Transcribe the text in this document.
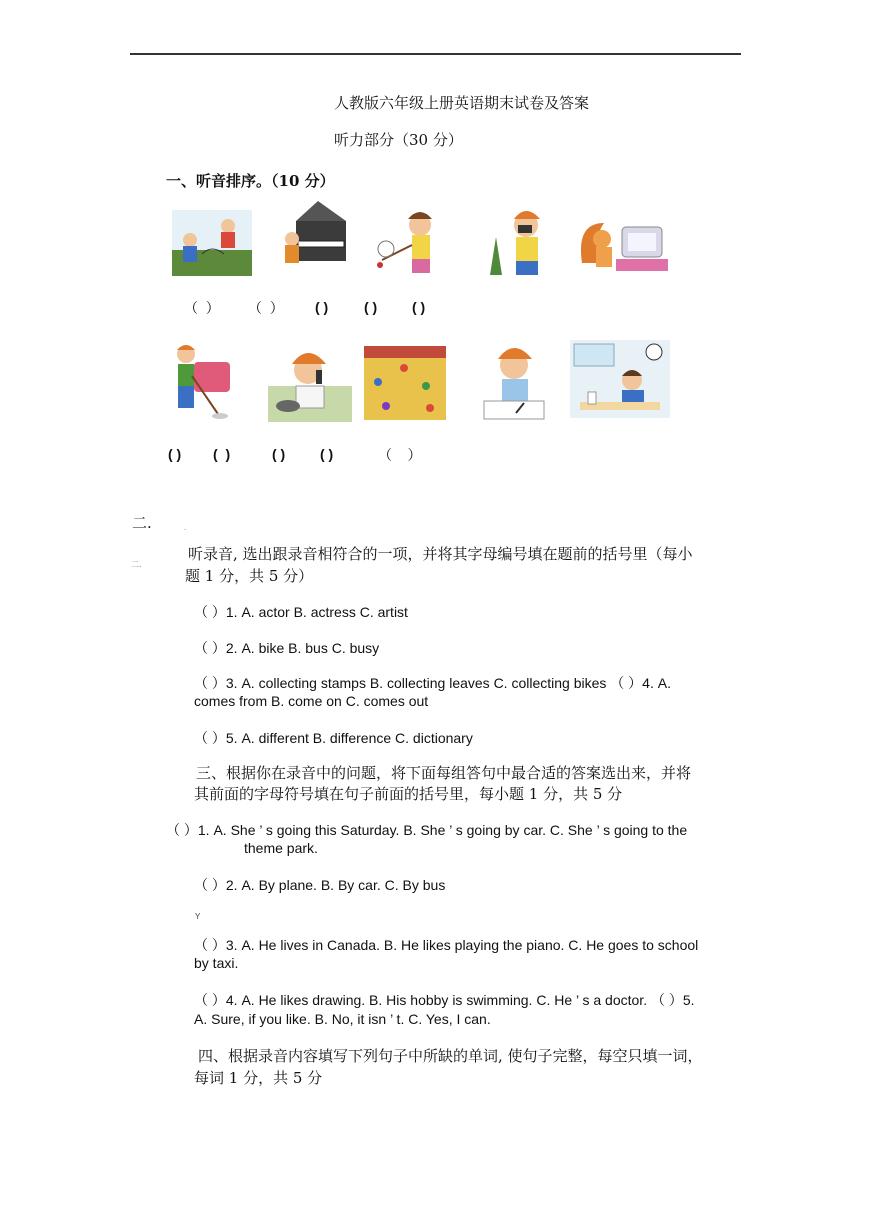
人教版六年级上册英语期末试卷及答案
听力部分（30 分）
一、听音排序。（10 分）
（  ） （  ） ( )	( ) ( )
( ) (  )	( ) ( )	（    ）
二.	·
二.
听录音, 选出跟录音相符合的一项，并将其字母编号填在题前的括号里（每小
题 1 分，共 5 分）
（ ）1. A. actor B. actress C. artist
（ ）2. A. bike B. bus C. busy
（ ）3. A. collecting stamps B. collecting leaves C. collecting bikes （ ）4. A.
comes from B. come on C. comes out
（ ）5. A. different B. difference C. dictionary
三、根据你在录音中的问题，将下面每组答句中最合适的答案选出来，并将
其前面的字母符号填在句子前面的括号里，每小题 1 分，共 5 分
（ ）1. A. She ’ s going this Saturday. B. She ’ s going by car. C. She ’ s going to the
theme park.
（ ）2. A. By plane. B. By car. C. By bus
Y
（ ）3. A. He lives in Canada. B. He likes playing the piano. C. He goes to school
by taxi.
（ ）4. A. He likes drawing. B. His hobby is swimming. C. He ’ s a doctor. （ ）5.
A. Sure, if you like. B. No, it isn ’ t. C. Yes, I can.
四、根据录音内容填写下列句子中所缺的单词, 使句子完整，每空只填一词，
每词 1 分，共 5 分
